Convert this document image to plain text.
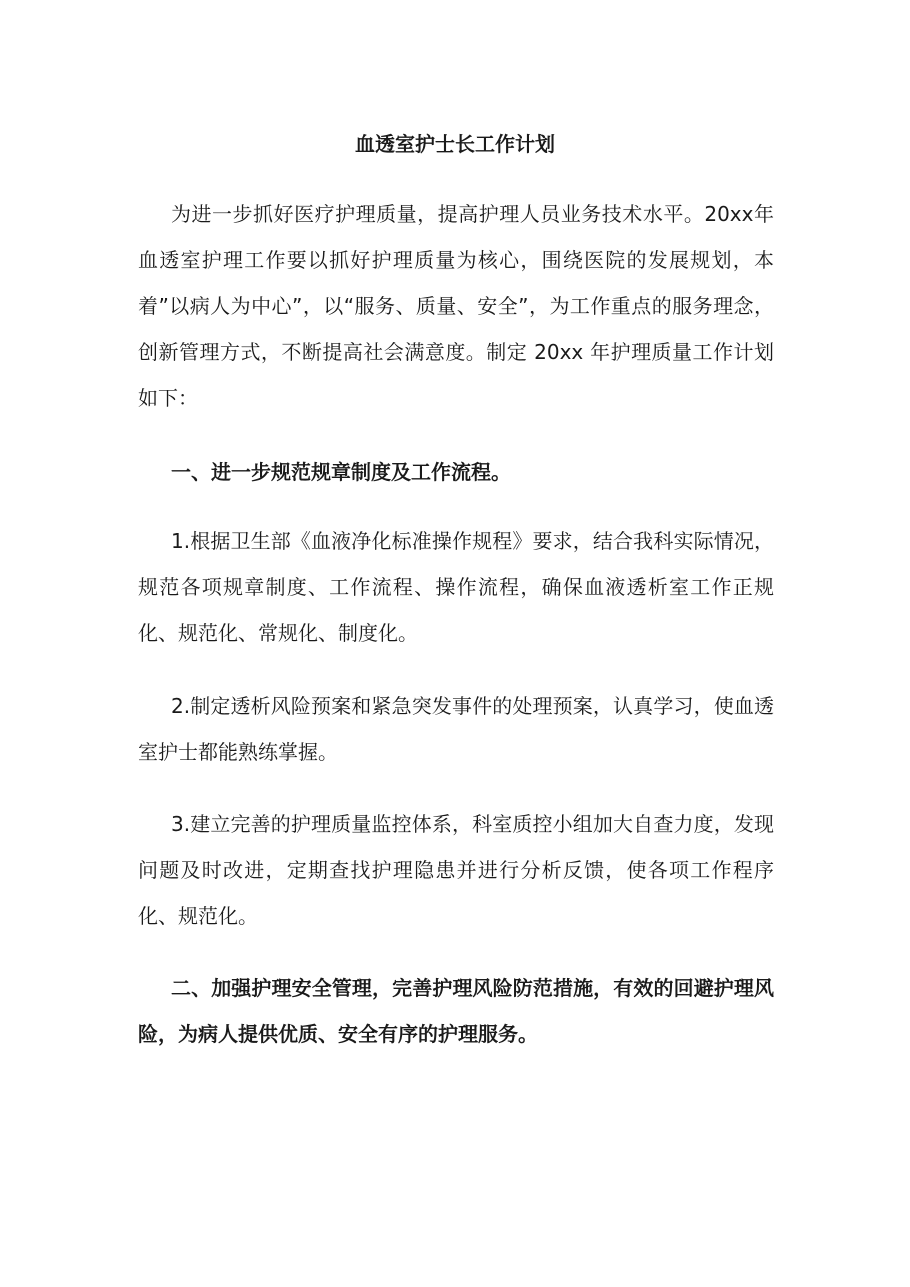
血透室护士长工作计划

为进一步抓好医疗护理质量，提高护理人员业务技术水平。20xx年血透室护理工作要以抓好护理质量为核心，围绕医院的发展规划，本着”以病人为中心”，以“服务、质量、安全”，为工作重点的服务理念，创新管理方式，不断提高社会满意度。制定 20xx 年护理质量工作计划如下：

一、进一步规范规章制度及工作流程。

1.根据卫生部《血液净化标准操作规程》要求，结合我科实际情况，规范各项规章制度、工作流程、操作流程，确保血液透析室工作正规化、规范化、常规化、制度化。

2.制定透析风险预案和紧急突发事件的处理预案，认真学习，使血透室护士都能熟练掌握。

3.建立完善的护理质量监控体系，科室质控小组加大自查力度，发现问题及时改进，定期查找护理隐患并进行分析反馈，使各项工作程序化、规范化。

二、加强护理安全管理，完善护理风险防范措施，有效的回避护理风险，为病人提供优质、安全有序的护理服务。
